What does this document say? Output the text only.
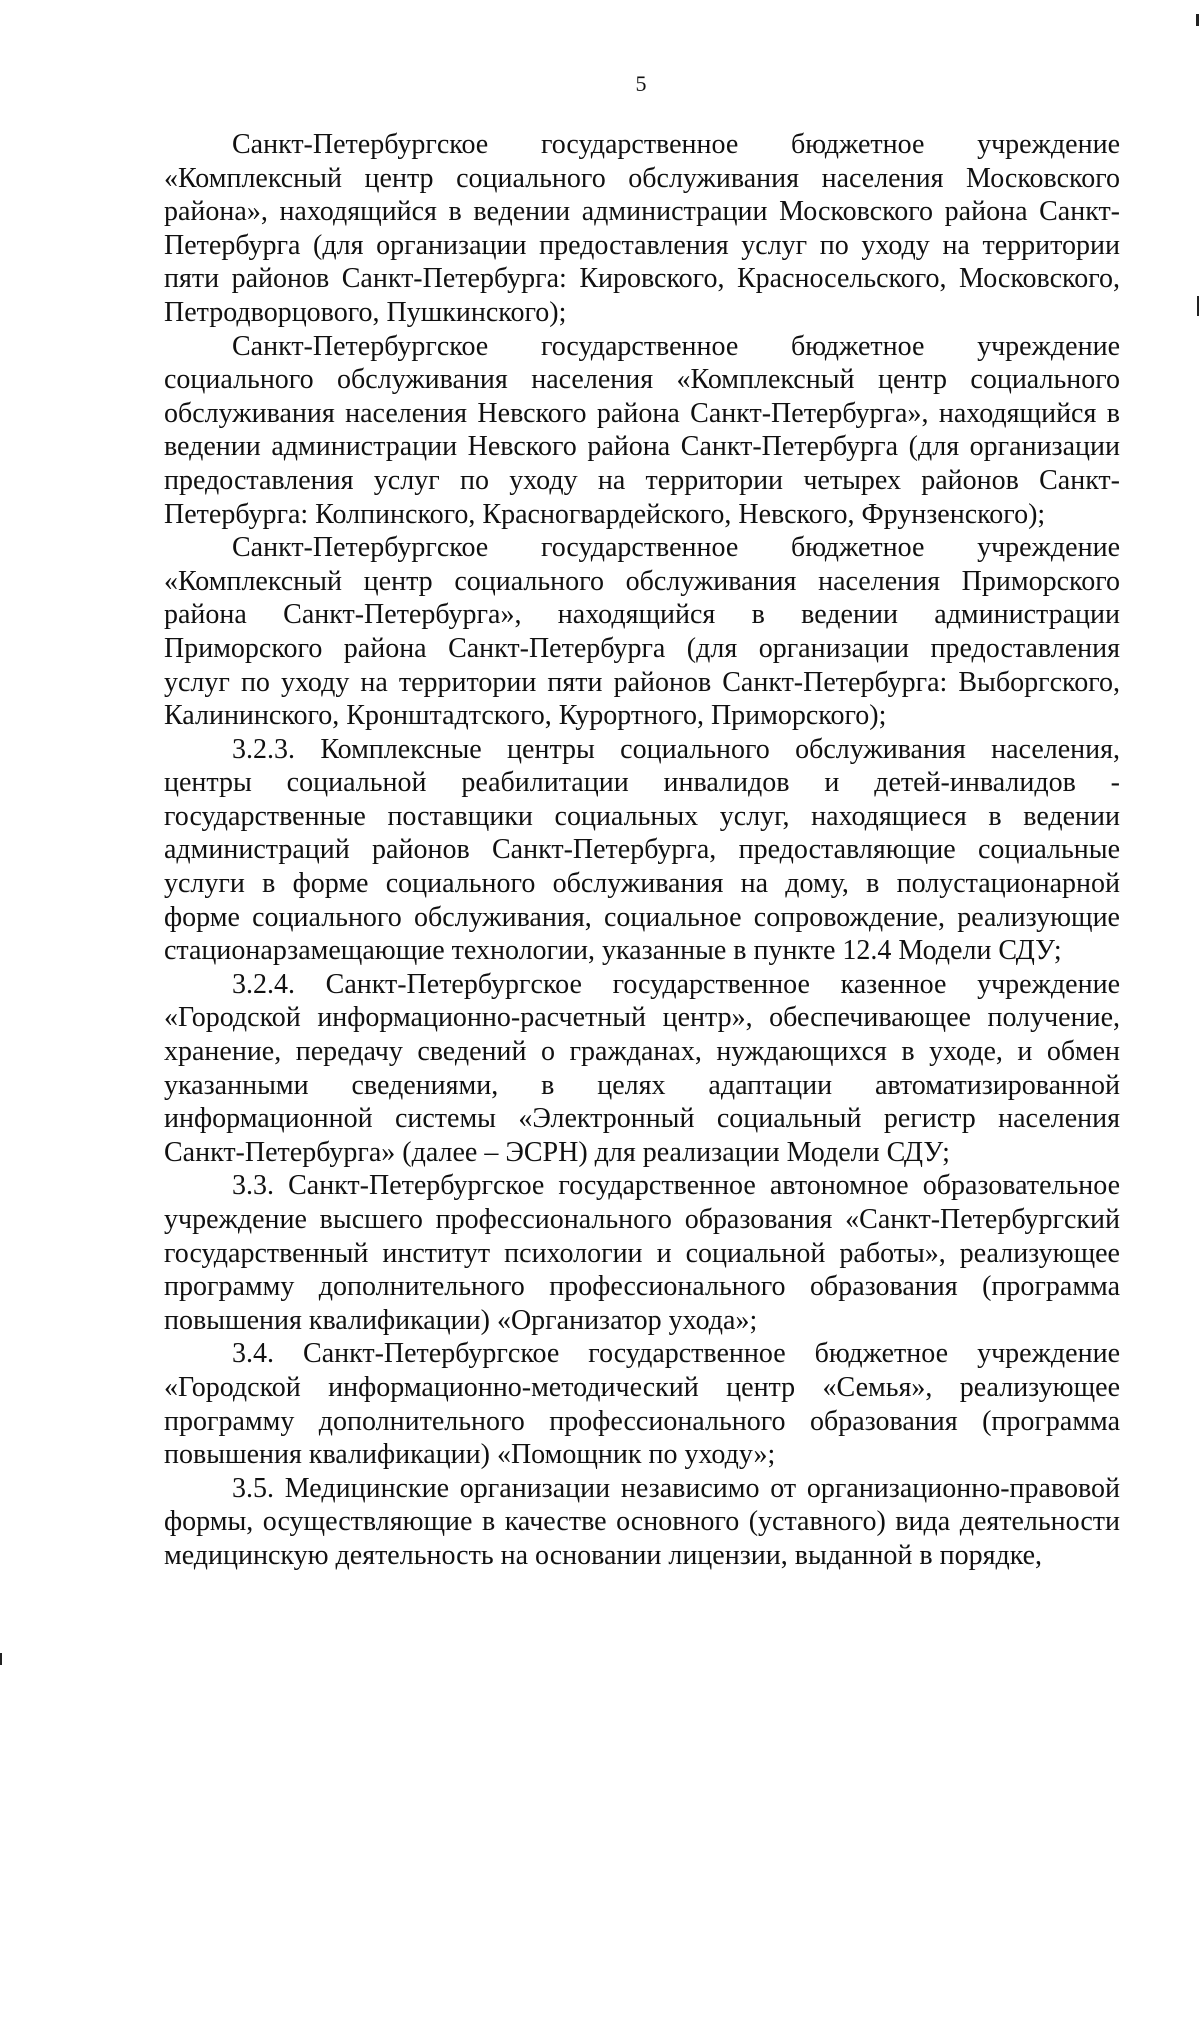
5

Санкт-Петербургское государственное бюджетное учреждение «Комплексный центр социального обслуживания населения Московского района», находящийся в ведении администрации Московского района Санкт-Петербурга (для организации предоставления услуг по уходу на территории пяти районов Санкт-Петербурга: Кировского, Красносельского, Московского, Петродворцового, Пушкинского);

Санкт-Петербургское государственное бюджетное учреждение социального обслуживания населения «Комплексный центр социального обслуживания населения Невского района Санкт-Петербурга», находящийся в ведении администрации Невского района Санкт-Петербурга (для организации предоставления услуг по уходу на территории четырех районов Санкт-Петербурга: Колпинского, Красногвардейского, Невского, Фрунзенского);

Санкт-Петербургское государственное бюджетное учреждение «Комплексный центр социального обслуживания населения Приморского района Санкт-Петербурга», находящийся в ведении администрации Приморского района Санкт-Петербурга (для организации предоставления услуг по уходу на территории пяти районов Санкт-Петербурга: Выборгского, Калининского, Кронштадтского, Курортного, Приморского);

3.2.3. Комплексные центры социального обслуживания населения, центры социальной реабилитации инвалидов и детей-инвалидов - государственные поставщики социальных услуг, находящиеся в ведении администраций районов Санкт-Петербурга, предоставляющие социальные услуги в форме социального обслуживания на дому, в полустационарной форме социального обслуживания, социальное сопровождение, реализующие стационарзамещающие технологии, указанные в пункте 12.4 Модели СДУ;

3.2.4. Санкт-Петербургское государственное казенное учреждение «Городской информационно-расчетный центр», обеспечивающее получение, хранение, передачу сведений о гражданах, нуждающихся в уходе, и обмен указанными сведениями, в целях адаптации автоматизированной информационной системы «Электронный социальный регистр населения Санкт-Петербурга» (далее – ЭСРН) для реализации Модели СДУ;

3.3. Санкт-Петербургское государственное автономное образовательное учреждение высшего профессионального образования «Санкт-Петербургский государственный институт психологии и социальной работы», реализующее программу дополнительного профессионального образования (программа повышения квалификации) «Организатор ухода»;

3.4. Санкт-Петербургское государственное бюджетное учреждение «Городской информационно-методический центр «Семья», реализующее программу дополнительного профессионального образования (программа повышения квалификации) «Помощник по уходу»;

3.5. Медицинские организации независимо от организационно-правовой формы, осуществляющие в качестве основного (уставного) вида деятельности медицинскую деятельность на основании лицензии, выданной в порядке,
